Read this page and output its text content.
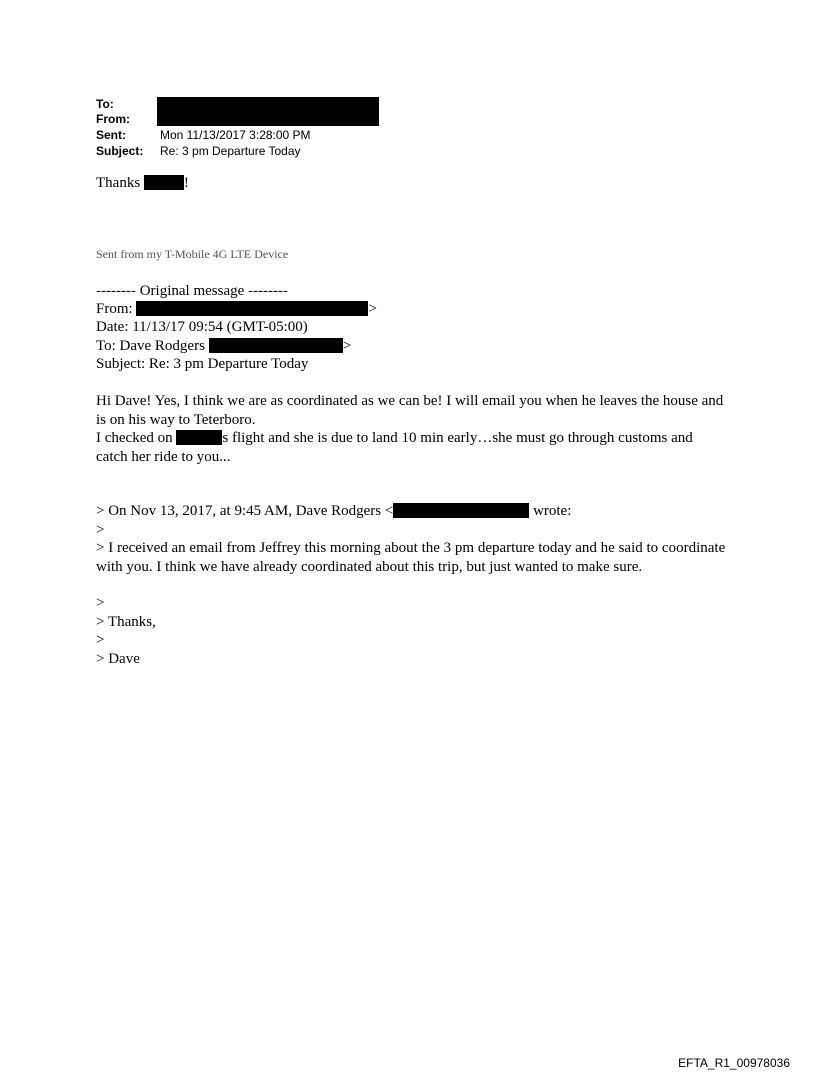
To:
From:
Sent:	Mon 11/13/2017 3:28:00 PM
Subject: Re: 3 pm Departure Today
Thanks	!
Sent from my T-Mobile 4G LTE Device
-------- Original message --------
From:	>
Date: 11/13/17 09:54 (GMT-05:00)
To: Dave Rodgers	>
Subject: Re: 3 pm Departure Today
Hi Dave! Yes, I think we are as coordinated as we can be! I will email you when he leaves the house and is on his way to Teterboro.
I checked on	s flight and she is due to land 10 min early…she must go through customs and catch her ride to you...
> On Nov 13, 2017, at 9:45 AM, Dave Rodgers <	wrote:
>
> I received an email from Jeffrey this morning about the 3 pm departure today and he said to coordinate with you. I think we have already coordinated about this trip, but just wanted to make sure.
>
> Thanks,
>
> Dave
EFTA_R1_00978036
